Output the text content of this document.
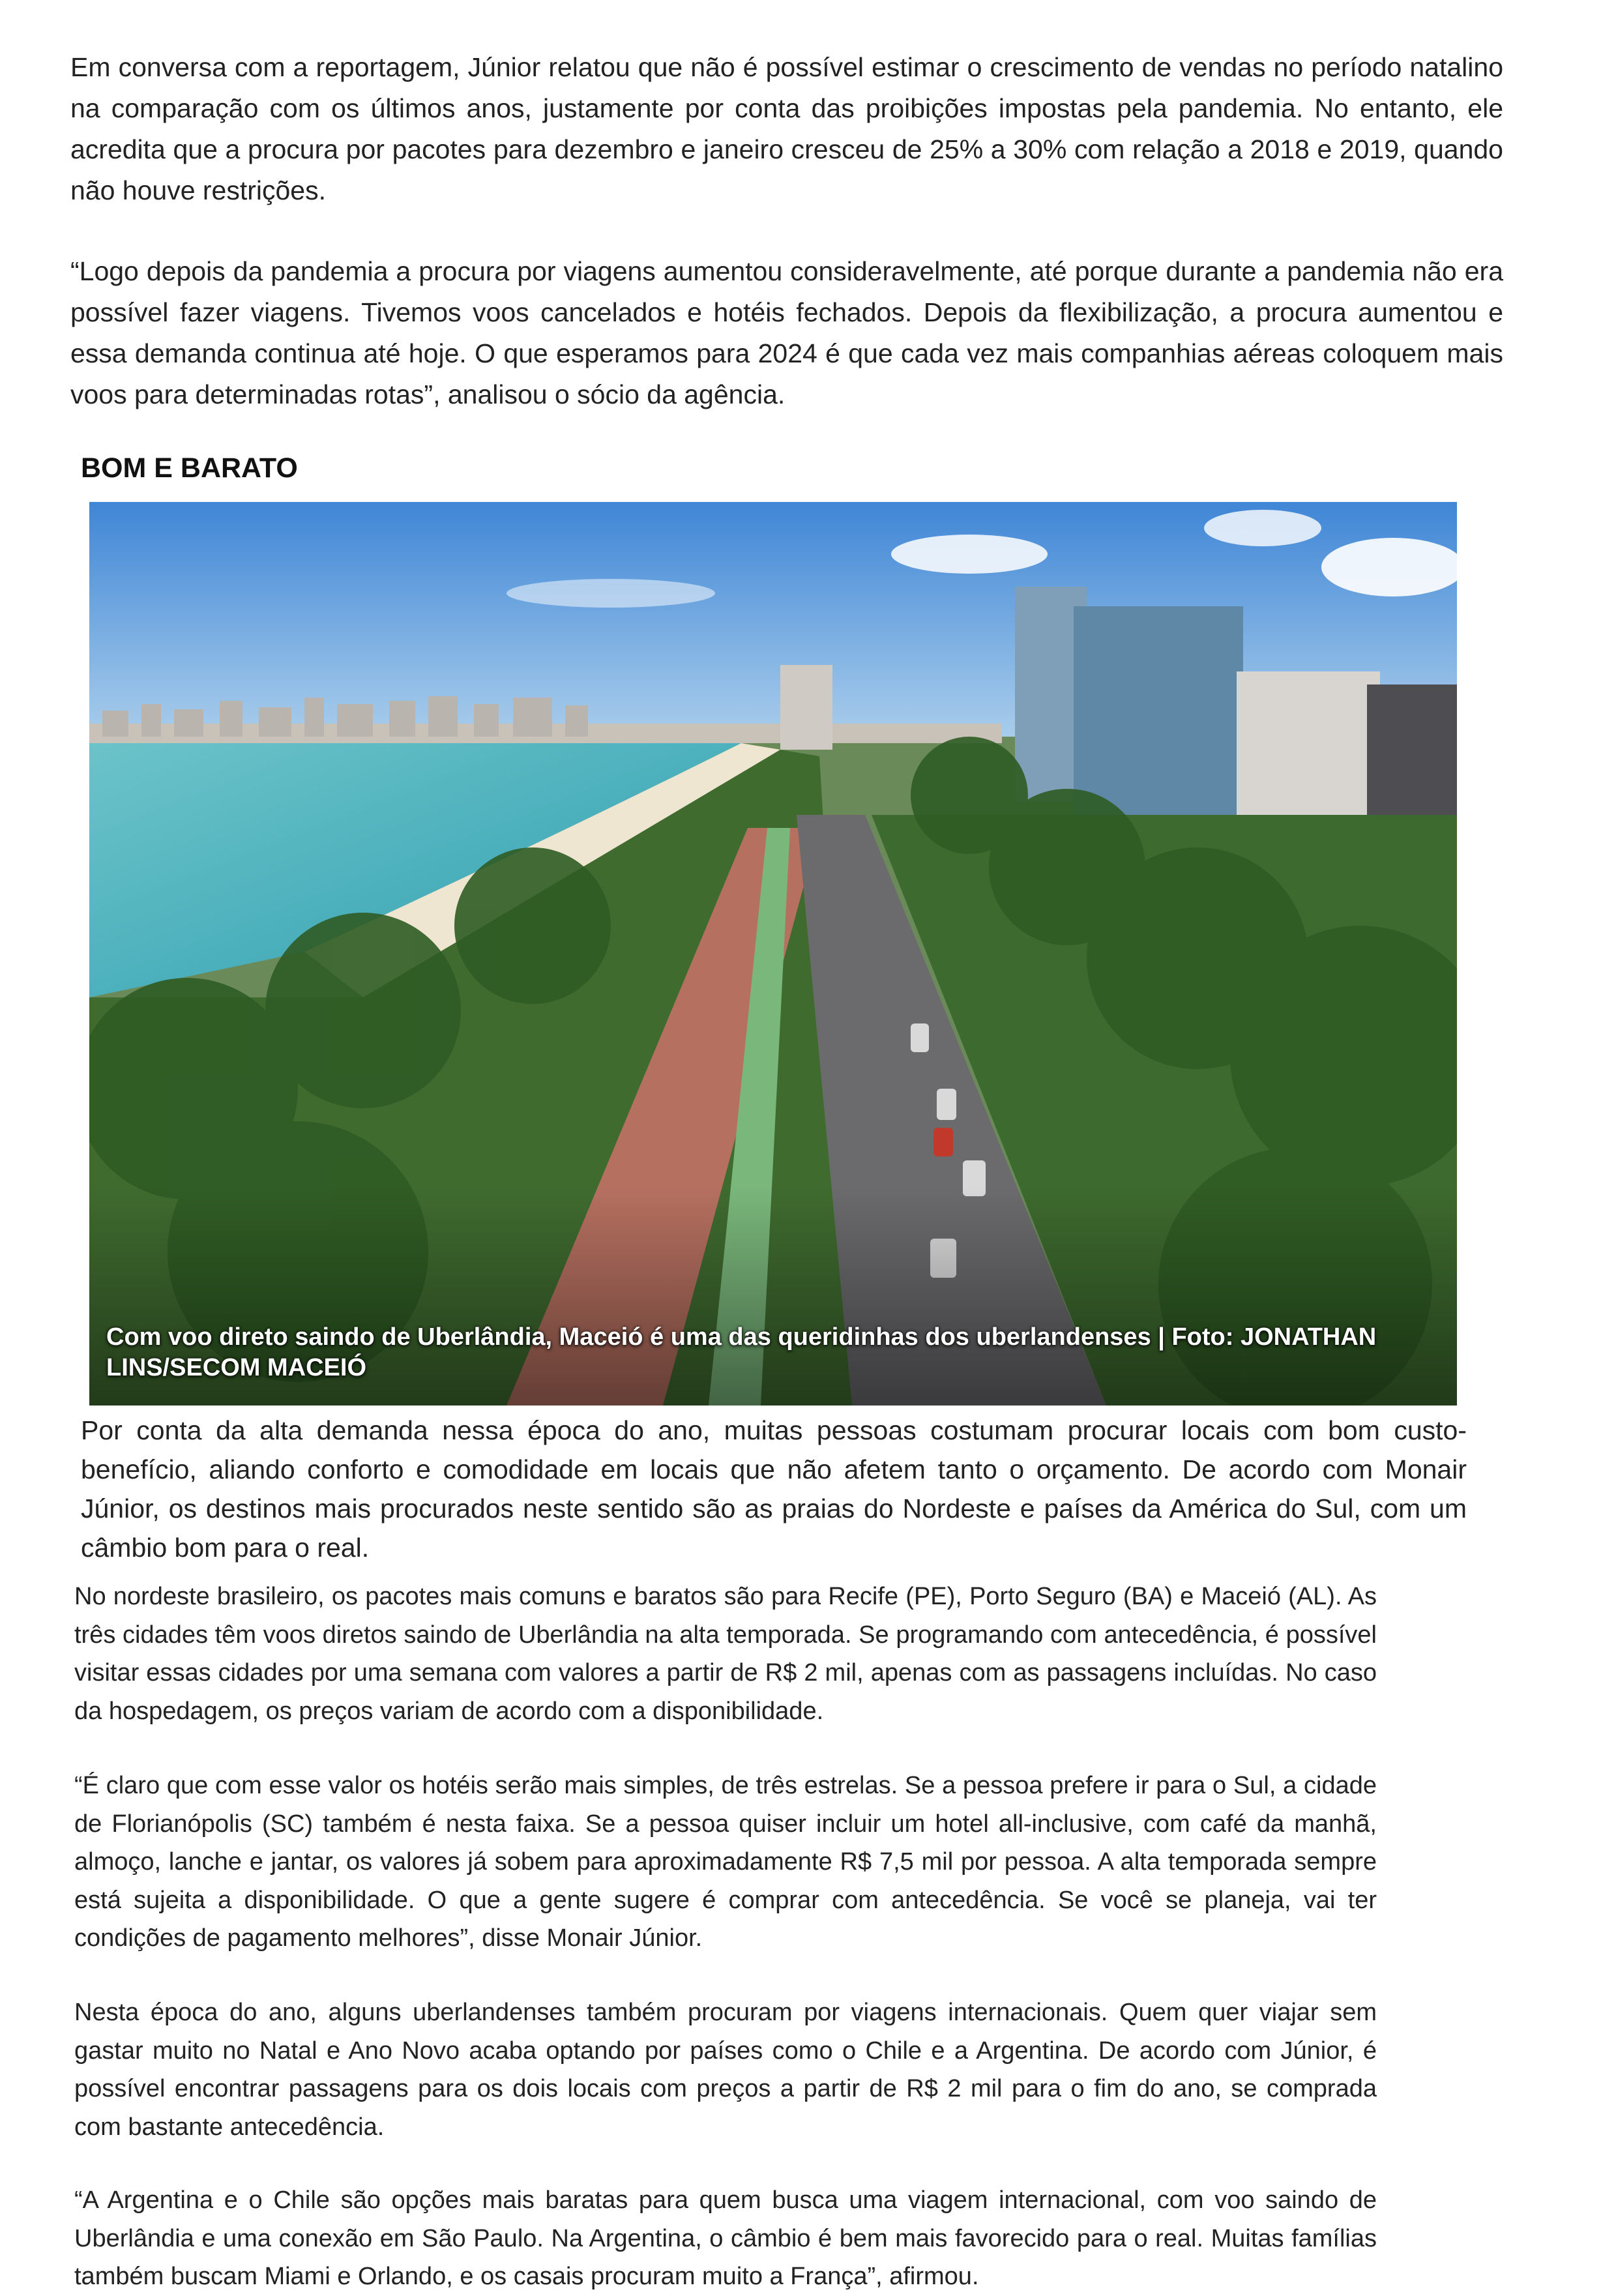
Em conversa com a reportagem, Júnior relatou que não é possível estimar o crescimento de vendas no período natalino na comparação com os últimos anos, justamente por conta das proibições impostas pela pandemia. No entanto, ele acredita que a procura por pacotes para dezembro e janeiro cresceu de 25% a 30% com relação a 2018 e 2019, quando não houve restrições.

“Logo depois da pandemia a procura por viagens aumentou consideravelmente, até porque durante a pandemia não era possível fazer viagens. Tivemos voos cancelados e hotéis fechados. Depois da flexibilização, a procura aumentou e essa demanda continua até hoje. O que esperamos para 2024 é que cada vez mais companhias aéreas coloquem mais voos para determinadas rotas”, analisou o sócio da agência.

BOM E BARATO
Com voo direto saindo de Uberlândia, Maceió é uma das queridinhas dos uberlandenses | Foto: JONATHAN LINS/SECOM MACEIÓ

Por conta da alta demanda nessa época do ano, muitas pessoas costumam procurar locais com bom custo-benefício, aliando conforto e comodidade em locais que não afetem tanto o orçamento. De acordo com Monair Júnior, os destinos mais procurados neste sentido são as praias do Nordeste e países da América do Sul, com um câmbio bom para o real.

No nordeste brasileiro, os pacotes mais comuns e baratos são para Recife (PE), Porto Seguro (BA) e Maceió (AL). As três cidades têm voos diretos saindo de Uberlândia na alta temporada. Se programando com antecedência, é possível visitar essas cidades por uma semana com valores a partir de R$ 2 mil, apenas com as passagens incluídas. No caso da hospedagem, os preços variam de acordo com a disponibilidade.

“É claro que com esse valor os hotéis serão mais simples, de três estrelas. Se a pessoa prefere ir para o Sul, a cidade de Florianópolis (SC) também é nesta faixa. Se a pessoa quiser incluir um hotel all-inclusive, com café da manhã, almoço, lanche e jantar, os valores já sobem para aproximadamente R$ 7,5 mil por pessoa. A alta temporada sempre está sujeita a disponibilidade. O que a gente sugere é comprar com antecedência. Se você se planeja, vai ter condições de pagamento melhores”, disse Monair Júnior.

Nesta época do ano, alguns uberlandenses também procuram por viagens internacionais. Quem quer viajar sem gastar muito no Natal e Ano Novo acaba optando por países como o Chile e a Argentina. De acordo com Júnior, é possível encontrar passagens para os dois locais com preços a partir de R$ 2 mil para o fim do ano, se comprada com bastante antecedência.

“A Argentina e o Chile são opções mais baratas para quem busca uma viagem internacional, com voo saindo de Uberlândia e uma conexão em São Paulo. Na Argentina, o câmbio é bem mais favorecido para o real. Muitas famílias também buscam Miami e Orlando, e os casais procuram muito a França”, afirmou.
